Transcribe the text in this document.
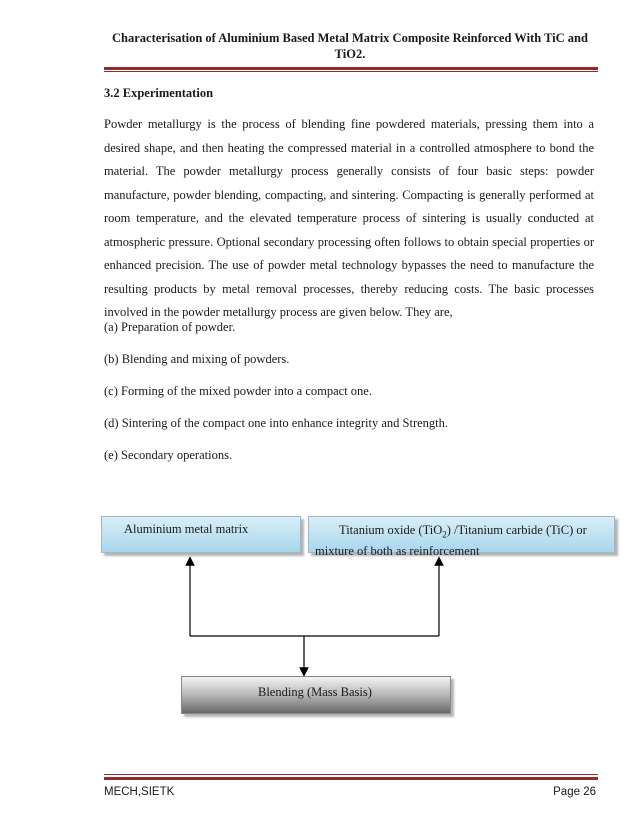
Characterisation of Aluminium Based Metal Matrix Composite Reinforced With TiC and TiO2.
3.2 Experimentation

Powder metallurgy is the process of blending fine powdered materials, pressing them into a desired shape, and then heating the compressed material in a controlled atmosphere to bond the material. The powder metallurgy process generally consists of four basic steps: powder manufacture, powder blending, compacting, and sintering. Compacting is generally performed at room temperature, and the elevated temperature process of sintering is usually conducted at atmospheric pressure. Optional secondary processing often follows to obtain special properties or enhanced precision. The use of powder metal technology bypasses the need to manufacture the resulting products by metal removal processes, thereby reducing costs. The basic processes involved in the powder metallurgy process are given below. They are,

(a) Preparation of powder.

(b) Blending and mixing of powders.

(c) Forming of the mixed powder into a compact one.

(d) Sintering of the compact one into enhance integrity and Strength.

(e) Secondary operations.

Aluminium metal matrix	Titanium oxide (TiO$_2$) /Titanium carbide (TiC) or
mixture of both as reinforcement
Blending (Mass Basis)
MECH,SIETK	Page 26
